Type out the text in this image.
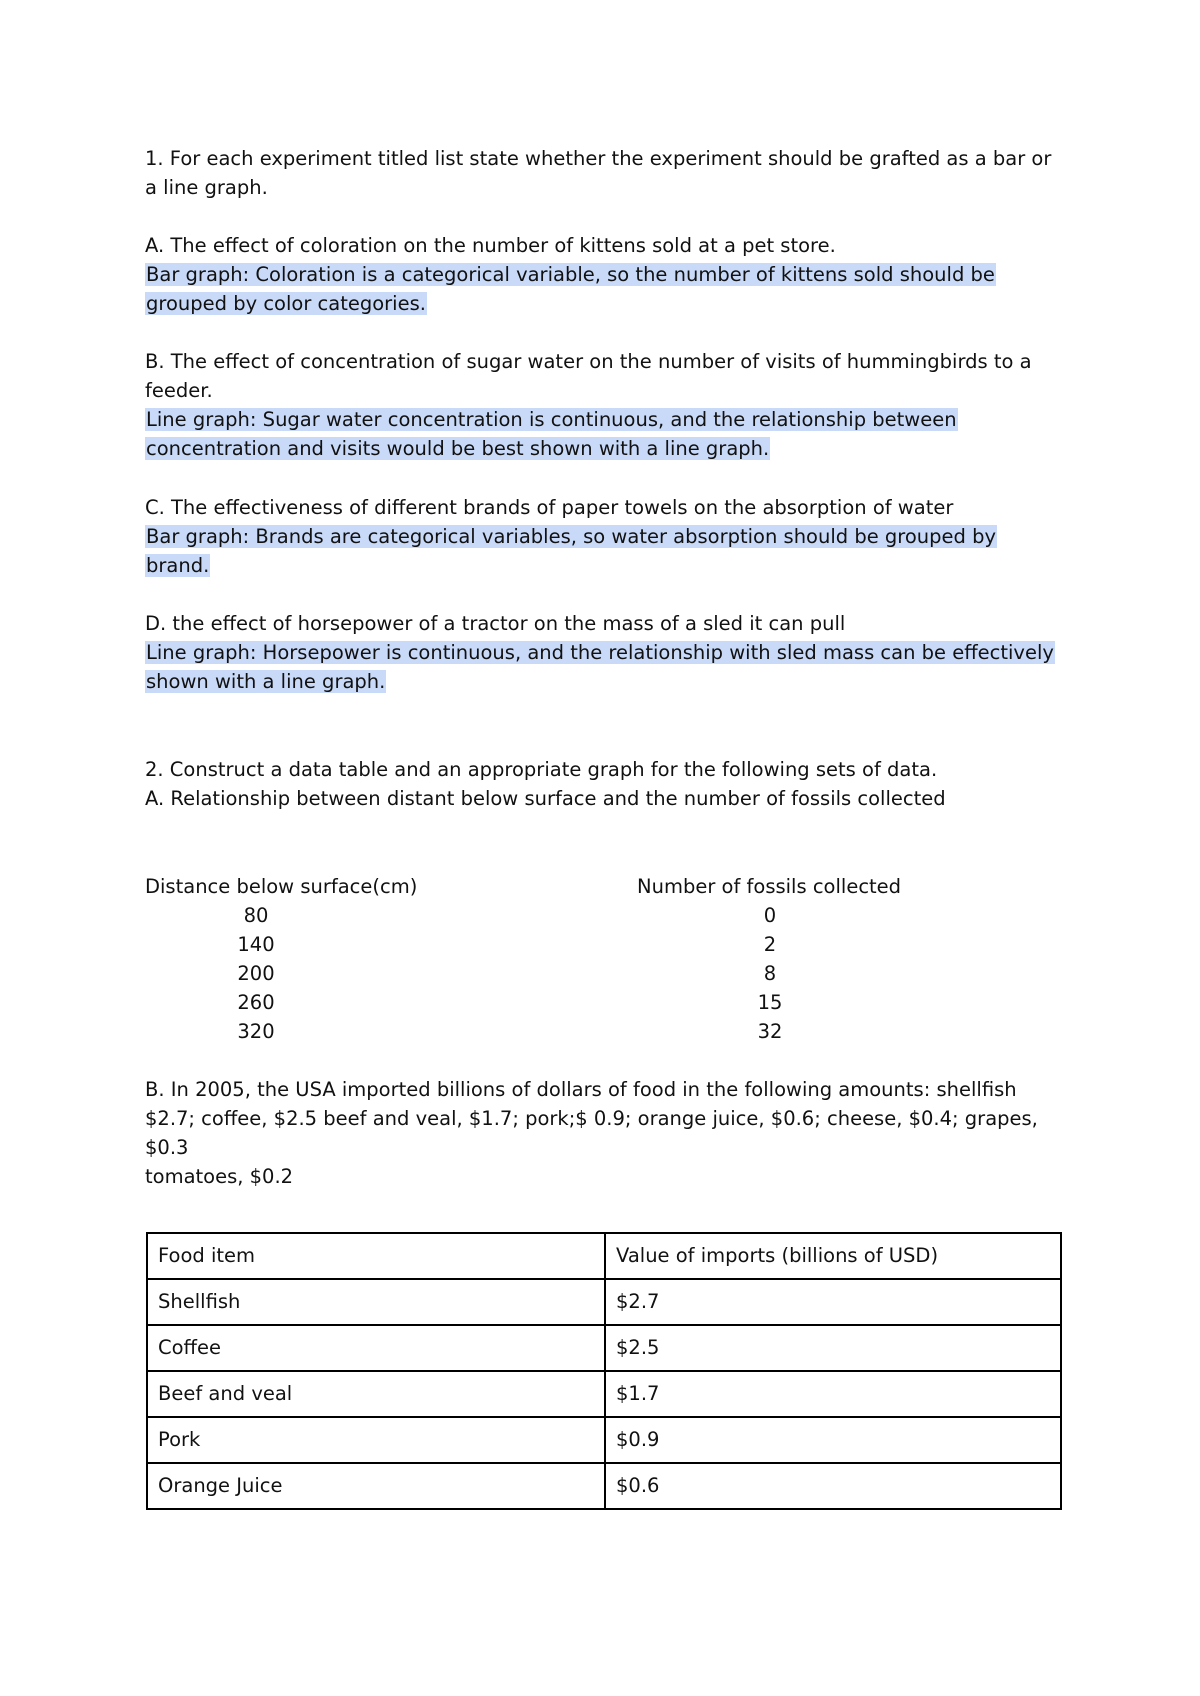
1. For each experiment titled list state whether the experiment should be grafted as a bar or
a line graph.
A. The effect of coloration on the number of kittens sold at a pet store.
Bar graph: Coloration is a categorical variable, so the number of kittens sold should be
grouped by color categories.
B. The effect of concentration of sugar water on the number of visits of hummingbirds to a
feeder.
Line graph: Sugar water concentration is continuous, and the relationship between
concentration and visits would be best shown with a line graph.
C. The effectiveness of different brands of paper towels on the absorption of water
Bar graph: Brands are categorical variables, so water absorption should be grouped by
brand.
D. the effect of horsepower of a tractor on the mass of a sled it can pull
Line graph: Horsepower is continuous, and the relationship with sled mass can be effectively
shown with a line graph.
2. Construct a data table and an appropriate graph for the following sets of data.
A. Relationship between distant below surface and the number of fossils collected
Distance below surface(cm)	Number of fossils collected
80	0
140	2
200	8
260	15
320	32
B. In 2005, the USA imported billions of dollars of food in the following amounts: shellfish
$2.7; coffee, $2.5 beef and veal, $1.7; pork;$ 0.9; orange juice, $0.6; cheese, $0.4; grapes,
$0.3
tomatoes, $0.2
Food item	Value of imports (billions of USD)
Shellfish	$2.7
Coffee	$2.5
Beef and veal	$1.7
Pork	$0.9
Orange Juice	$0.6
